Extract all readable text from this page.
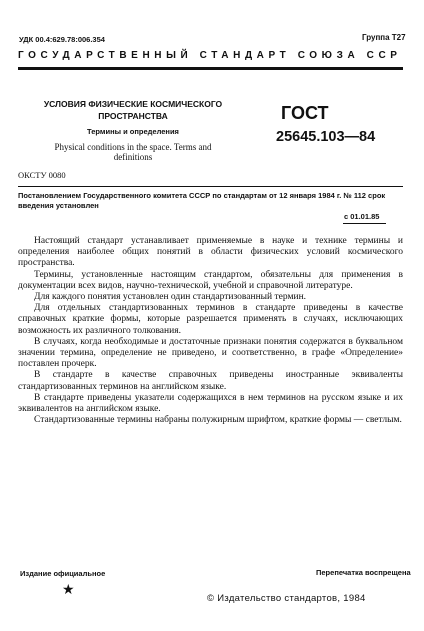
УДК 00.4:629.78:006.354	Группа Т27
ГОСУДАРСТВЕННЫЙ СТАНДАРТ СОЮЗА ССР
УСЛОВИЯ ФИЗИЧЕСКИЕ КОСМИЧЕСКОГО ПРОСТРАНСТВА
Термины и определения
Physical conditions in the space. Terms and definitions
ГОСТ
25645.103—84
ОКСТУ 0080
Постановлением Государственного комитета СССР по стандартам от 12 января 1984 г. № 112 срок введения установлен
с 01.01.85

Настоящий стандарт устанавливает применяемые в науке и технике термины и определения наиболее общих понятий в области физических условий космического пространства.

Термины, установленные настоящим стандартом, обязательны для применения в документации всех видов, научно-технической, учебной и справочной литературе.

Для каждого понятия установлен один стандартизованный термин.

Для отдельных стандартизованных терминов в стандарте приведены в качестве справочных краткие формы, которые разрешается применять в случаях, исключающих возможность их различного толкования.

В случаях, когда необходимые и достаточные признаки понятия содержатся в буквальном значении термина, определение не приведено, и соответственно, в графе «Определение» поставлен прочерк.

В стандарте в качестве справочных приведены иностранные эквиваленты стандартизованных терминов на английском языке.

В стандарте приведены указатели содержащихся в нем терминов на русском языке и их эквивалентов на английском языке.

Стандартизованные термины набраны полужирным шрифтом, краткие формы — светлым.

Издание официальное	Перепечатка воспрещена
★
© Издательство стандартов, 1984
